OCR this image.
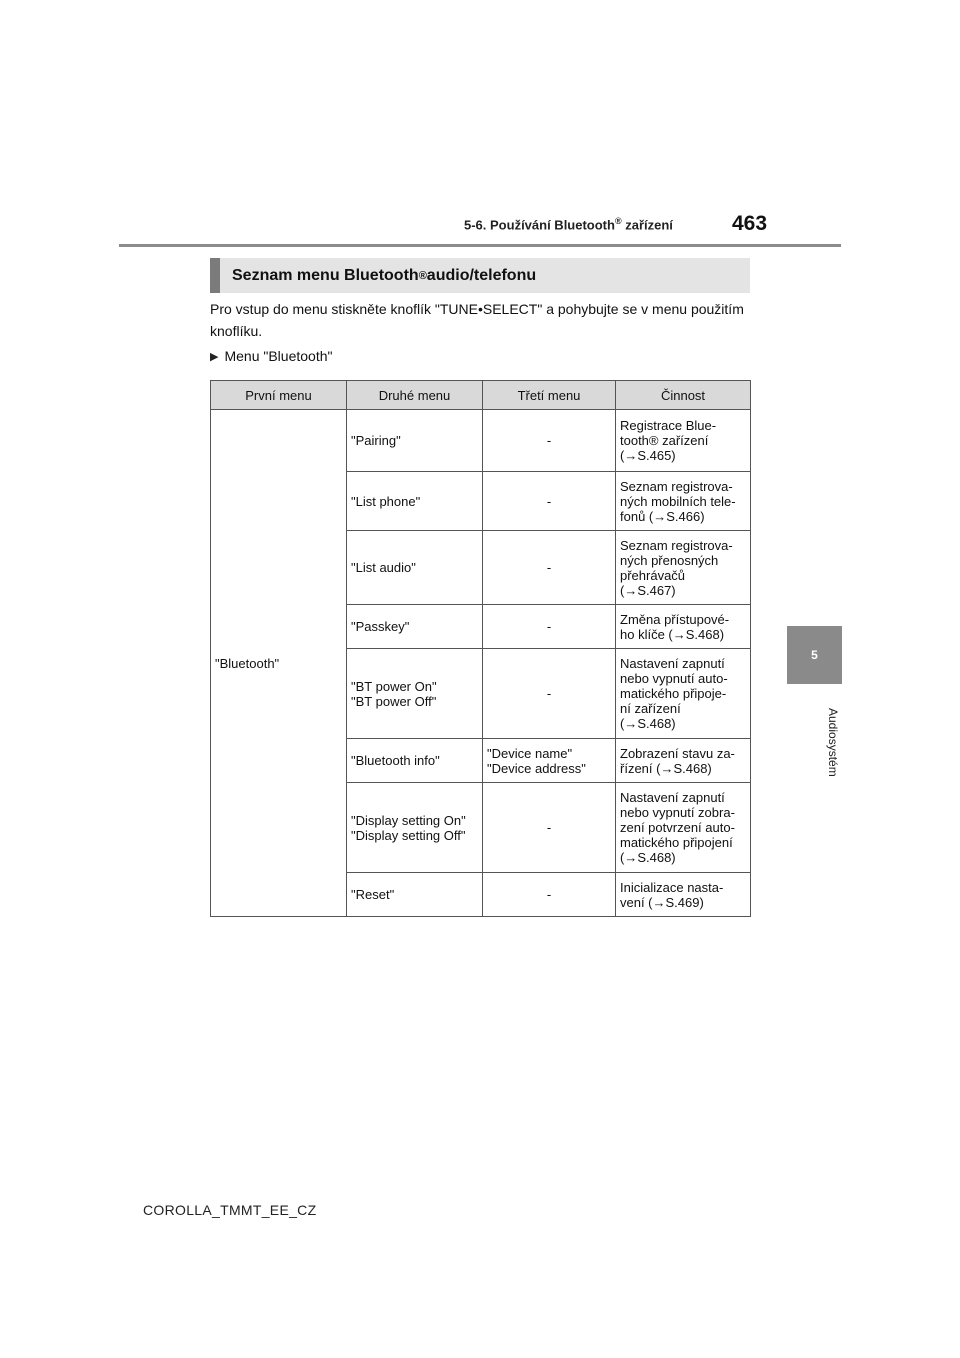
5-6. Používání Bluetooth® zařízení	463
5
Audiosystém
Seznam menu Bluetooth ® audio/telefonu
Pro vstup do menu stiskněte knoflík "TUNE•SELECT" a pohybujte se v menu použitím knoflíku.
▶ Menu "Bluetooth"
První menu	Druhé menu	Třetí menu	Činnost
"Bluetooth"	"Pairing"	-	Registrace Blue-
tooth® zařízení
(→S.465)
	"List phone"	-	Seznam registrova-
ných mobilních tele-
fonů (→S.466)
	"List audio"	-	Seznam registrova-
ných přenosných
přehrávačů
(→S.467)
	"Passkey"	-	Změna přístupové-
ho klíče (→S.468)
	"BT power On"
"BT power Off"	-	Nastavení zapnutí
nebo vypnutí auto-
matického připoje-
ní zařízení
(→S.468)
	"Bluetooth info"	"Device name"
"Device address"	Zobrazení stavu za-
řízení (→S.468)
	"Display setting On"
"Display setting Off"	-	Nastavení zapnutí
nebo vypnutí zobra-
zení potvrzení auto-
matického připojení
(→S.468)
	"Reset"	-	Inicializace nasta-
vení (→S.469)
COROLLA_TMMT_EE_CZ
